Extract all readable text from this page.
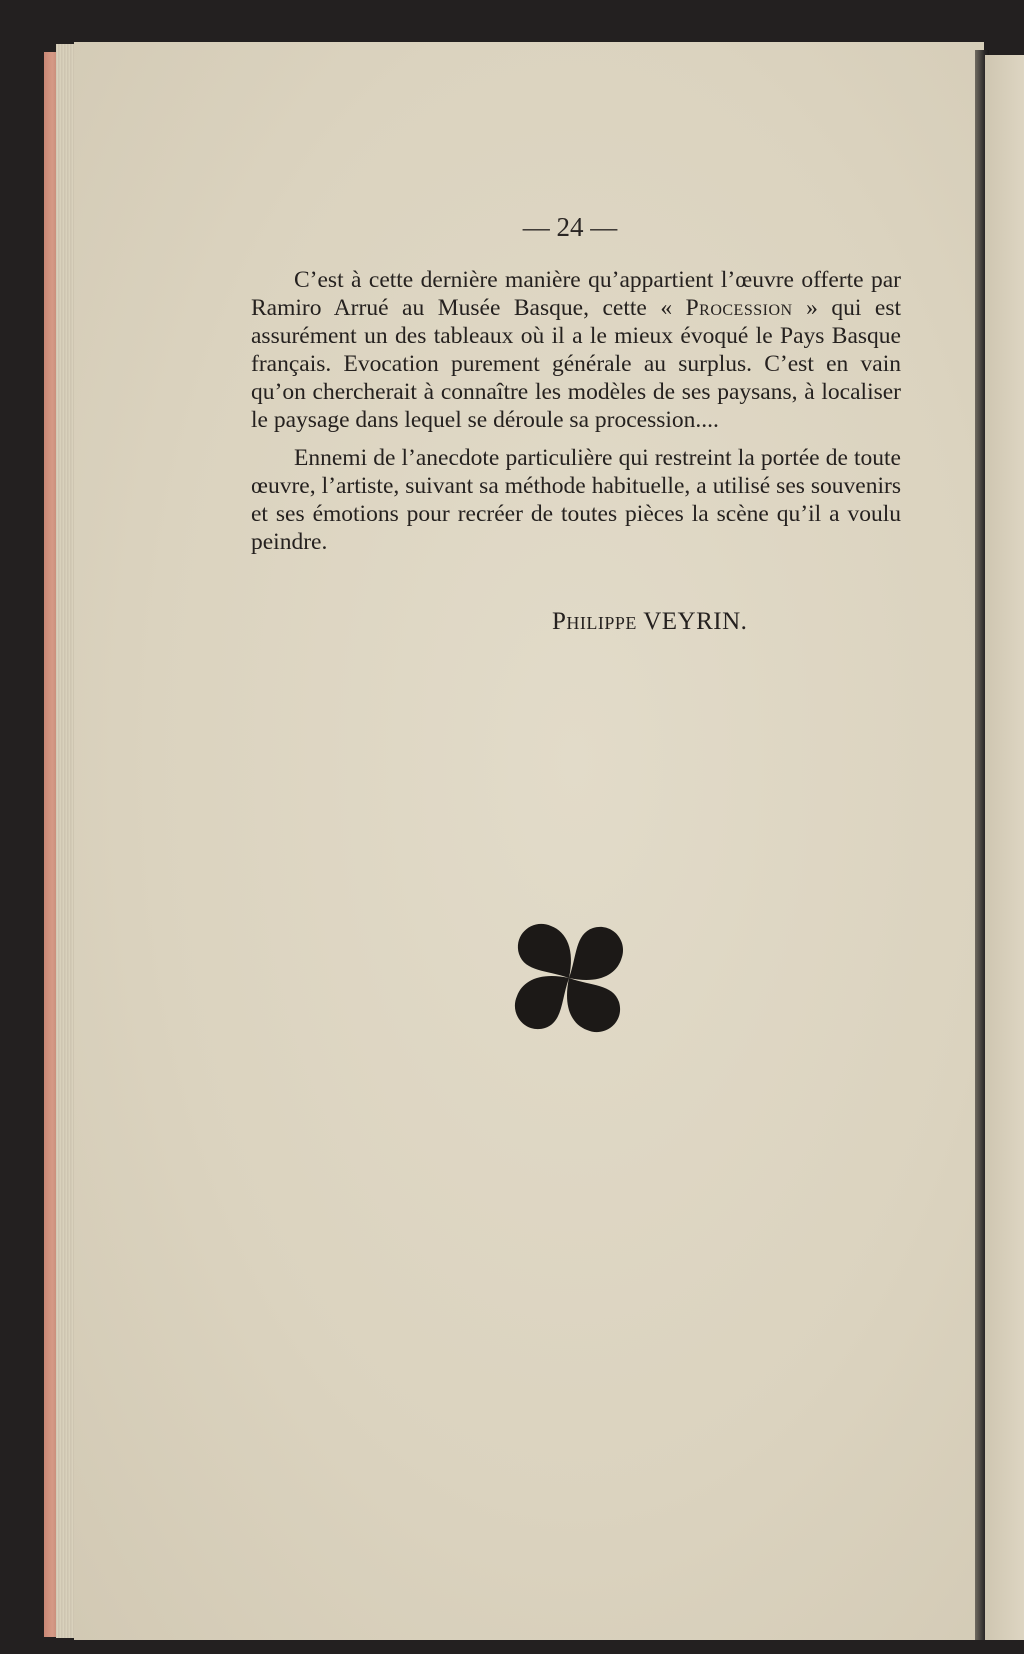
— 24 —

C’est à cette dernière manière qu’appartient l’œuvre offerte par Ramiro Arrué au Musée Basque, cette « Procession » qui est assurément un des tableaux où il a le mieux évoqué le Pays Basque français. Evocation purement générale au surplus. C’est en vain qu’on chercherait à connaître les modèles de ses paysans, à localiser le paysage dans lequel se déroule sa procession....

Ennemi de l’anecdote particulière qui restreint la portée de toute œuvre, l’artiste, suivant sa méthode habituelle, a utilisé ses souvenirs et ses émotions pour recréer de toutes pièces la scène qu’il a voulu peindre.

Philippe VEYRIN.
